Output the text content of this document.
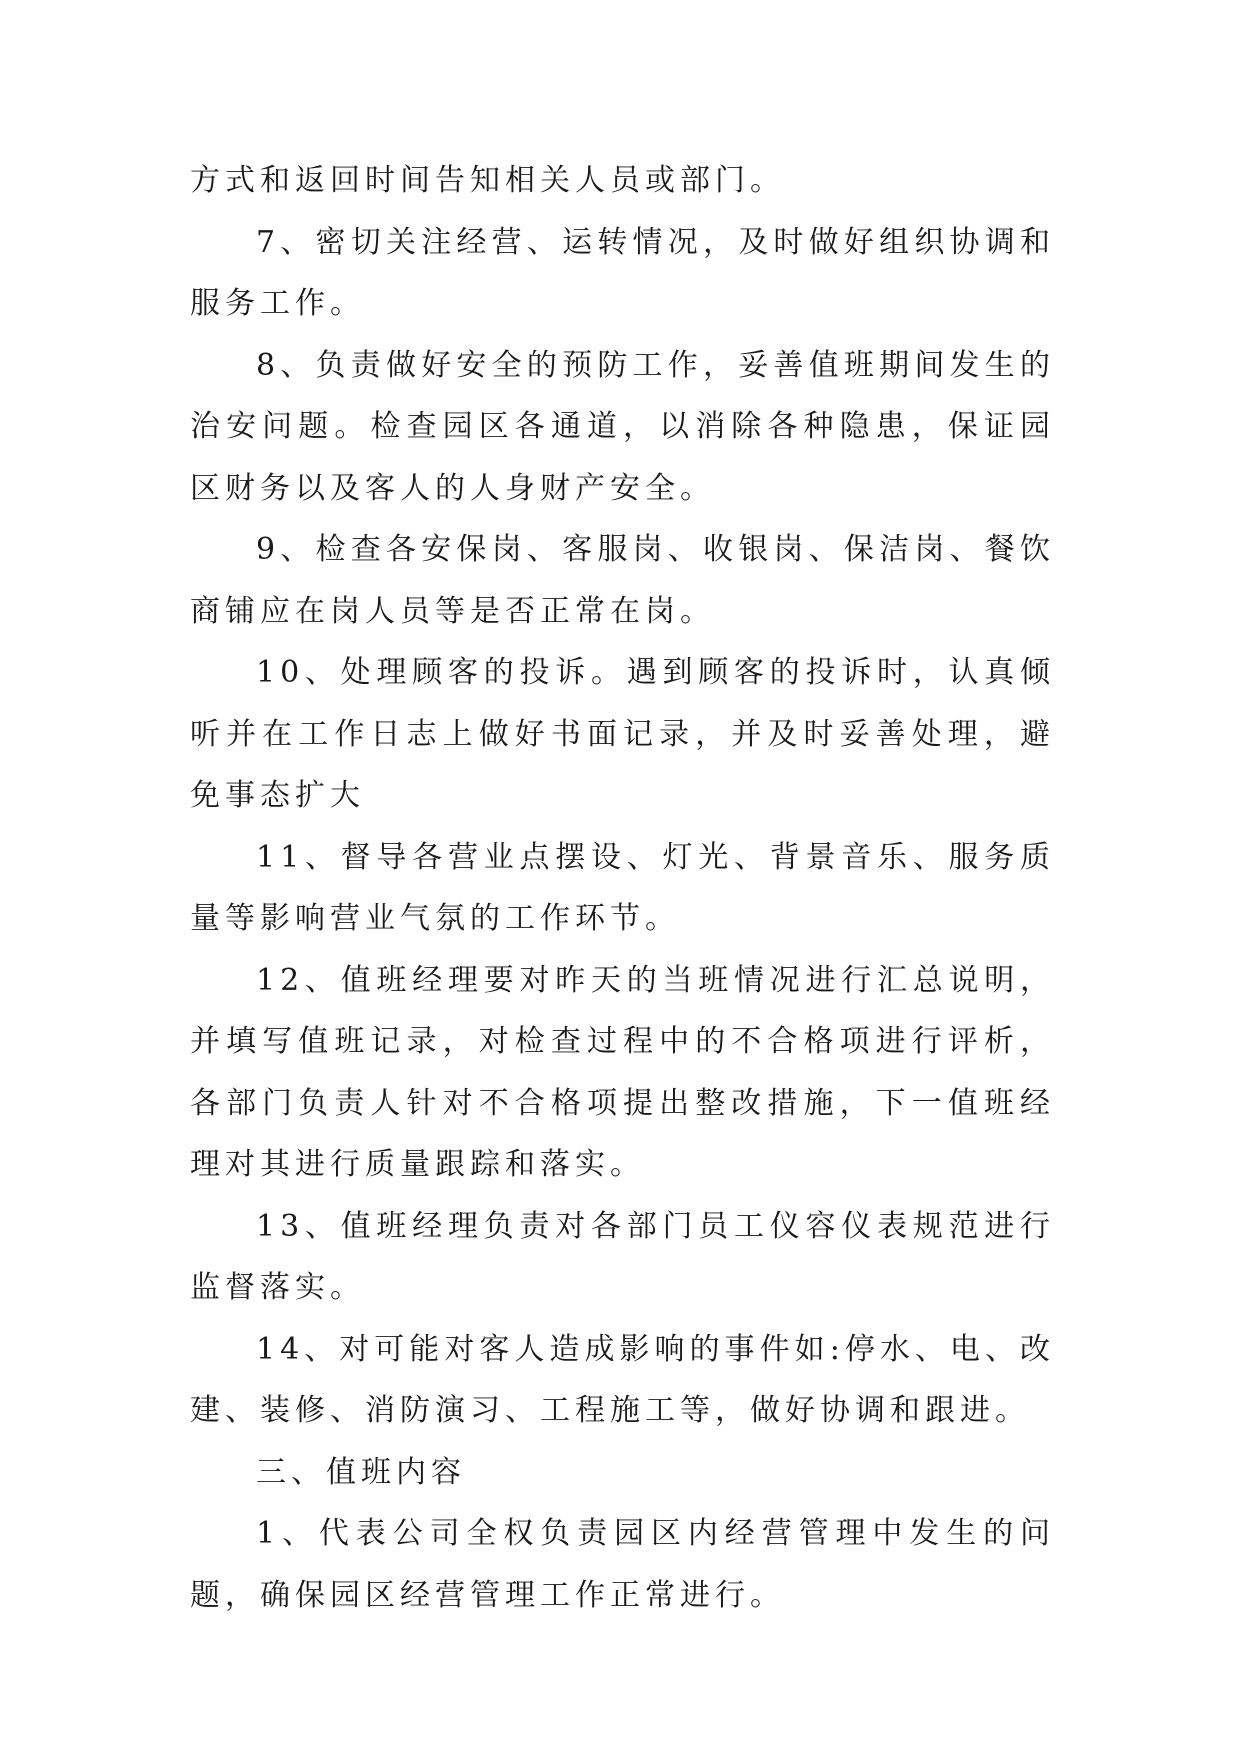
方式和返回时间告知相关人员或部门。

7、密切关注经营、运转情况，及时做好组织协调和服务工作。

8、负责做好安全的预防工作，妥善值班期间发生的治安问题。检查园区各通道，以消除各种隐患，保证园区财务以及客人的人身财产安全。

9、检查各安保岗、客服岗、收银岗、保洁岗、餐饮商铺应在岗人员等是否正常在岗。

10、处理顾客的投诉。遇到顾客的投诉时，认真倾听并在工作日志上做好书面记录，并及时妥善处理，避免事态扩大

11、督导各营业点摆设、灯光、背景音乐、服务质量等影响营业气氛的工作环节。

12、值班经理要对昨天的当班情况进行汇总说明，并填写值班记录，对检查过程中的不合格项进行评析，各部门负责人针对不合格项提出整改措施，下一值班经理对其进行质量跟踪和落实。

13、值班经理负责对各部门员工仪容仪表规范进行监督落实。

14、对可能对客人造成影响的事件如:停水、电、改建、装修、消防演习、工程施工等，做好协调和跟进。

三、值班内容

1、代表公司全权负责园区内经营管理中发生的问题，确保园区经营管理工作正常进行。
